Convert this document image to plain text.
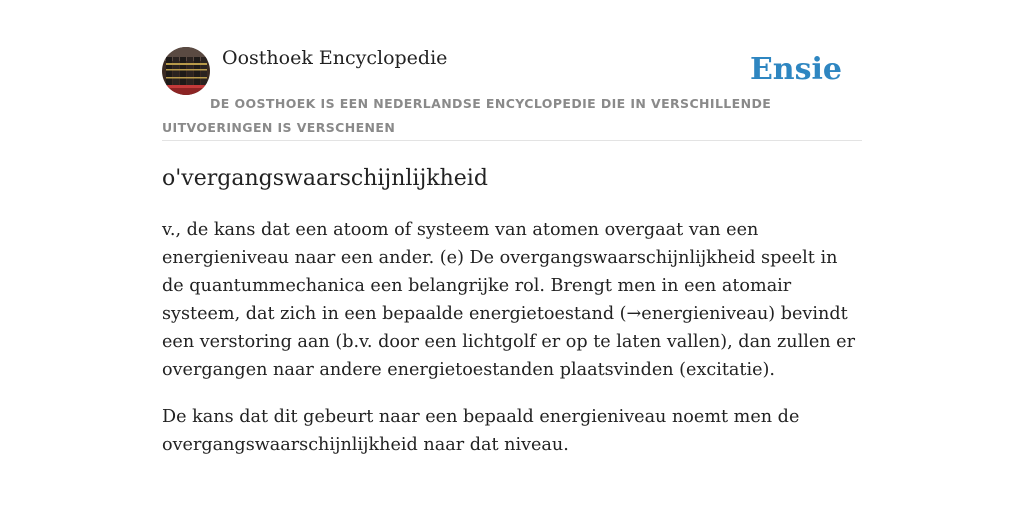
Oosthoek Encyclopedie	Ensie

DE OOSTHOEK IS EEN NEDERLANDSE ENCYCLOPEDIE DIE IN VERSCHILLENDE UITVOERINGEN IS VERSCHENEN

o'vergangswaarschijnlijkheid

v., de kans dat een atoom of systeem van atomen overgaat van een energieniveau naar een ander. (e) De overgangswaarschijnlijkheid speelt in de quantummechanica een belangrijke rol. Brengt men in een atomair systeem, dat zich in een bepaalde energietoestand (→energieniveau) bevindt een verstoring aan (b.v. door een lichtgolf er op te laten vallen), dan zullen er overgangen naar andere energietoestanden plaatsvinden (excitatie).

De kans dat dit gebeurt naar een bepaald energieniveau noemt men de overgangswaarschijnlijkheid naar dat niveau.
